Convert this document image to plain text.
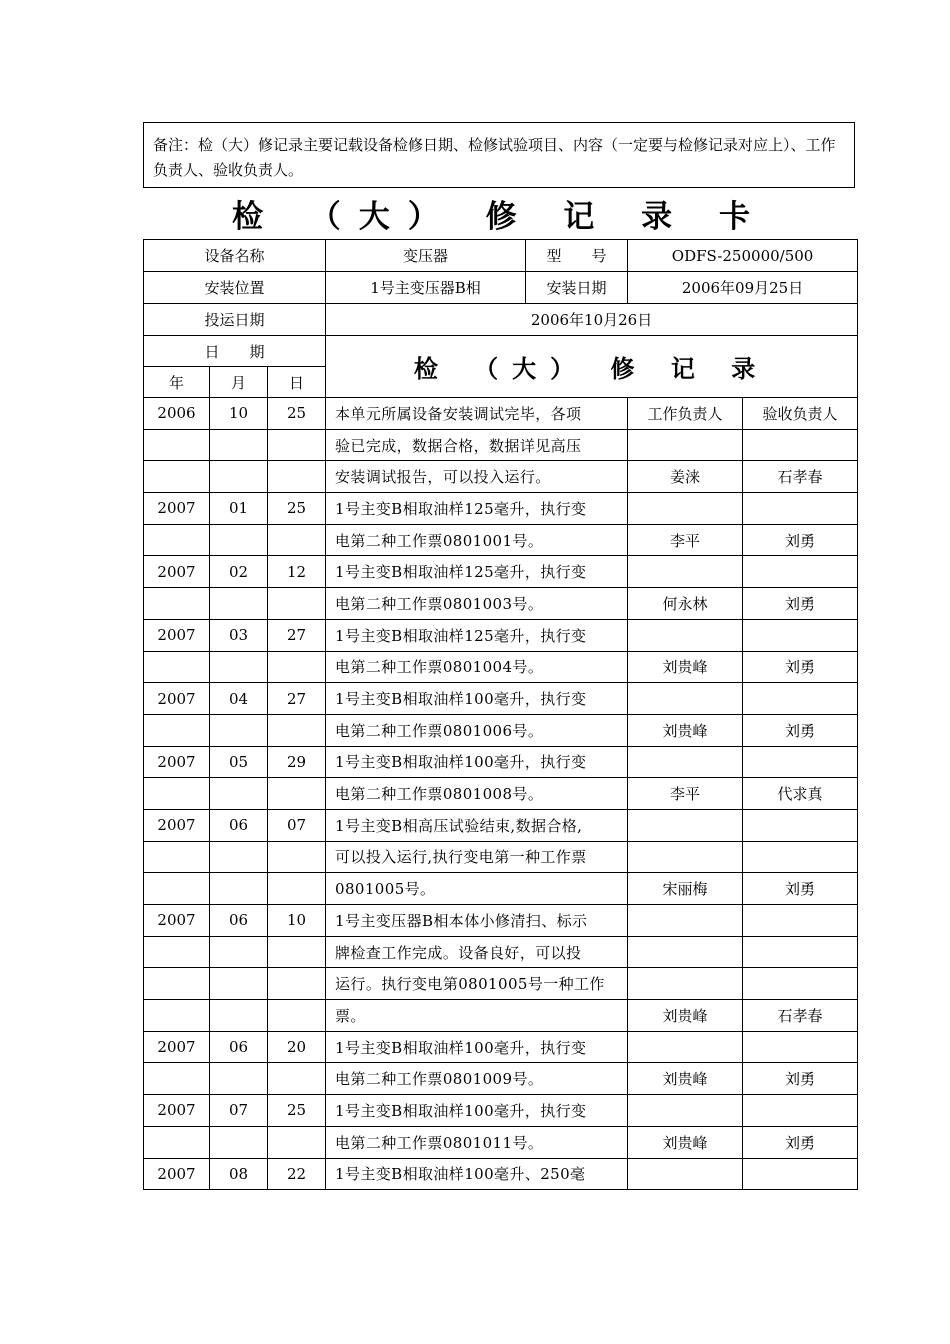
备注：检（大）修记录主要记载设备检修日期、检修试验项目、内容（一定要与检修记录对应上）、工作负责人、验收负责人。
检 （大） 修 记 录 卡
设备名称			变压器	型　　号	ODFS-250000/500	
安装位置			1号主变压器B相	安装日期	2006年09月25日	
投运日期			2006年10月26日			
日　　期			检 （大） 修 记 录			
年	月	日				
2006	10	25	本单元所属设备安装调试完毕，各项		工作负责人	验收负责人
			验已完成，数据合格，数据详见高压			
			安装调试报告，可以投入运行。		姜涞	石孝春
2007	01	25	1号主变B相取油样125毫升，执行变			
			电第二种工作票0801001号。		李平	刘勇
2007	02	12	1号主变B相取油样125毫升，执行变			
			电第二种工作票0801003号。		何永林	刘勇
2007	03	27	1号主变B相取油样125毫升，执行变			
			电第二种工作票0801004号。		刘贵峰	刘勇
2007	04	27	1号主变B相取油样100毫升，执行变			
			电第二种工作票0801006号。		刘贵峰	刘勇
2007	05	29	1号主变B相取油样100毫升，执行变			
			电第二种工作票0801008号。		李平	代求真
2007	06	07	1号主变B相高压试验结束,数据合格,			
			可以投入运行,执行变电第一种工作票			
			0801005号。		宋丽梅	刘勇
2007	06	10	1号主变压器B相本体小修清扫、标示			
			牌检查工作完成。设备良好，可以投			
			运行。执行变电第0801005号一种工作			
			票。		刘贵峰	石孝春
2007	06	20	1号主变B相取油样100毫升，执行变			
			电第二种工作票0801009号。		刘贵峰	刘勇
2007	07	25	1号主变B相取油样100毫升，执行变			
			电第二种工作票0801011号。		刘贵峰	刘勇
2007	08	22	1号主变B相取油样100毫升、250毫			
